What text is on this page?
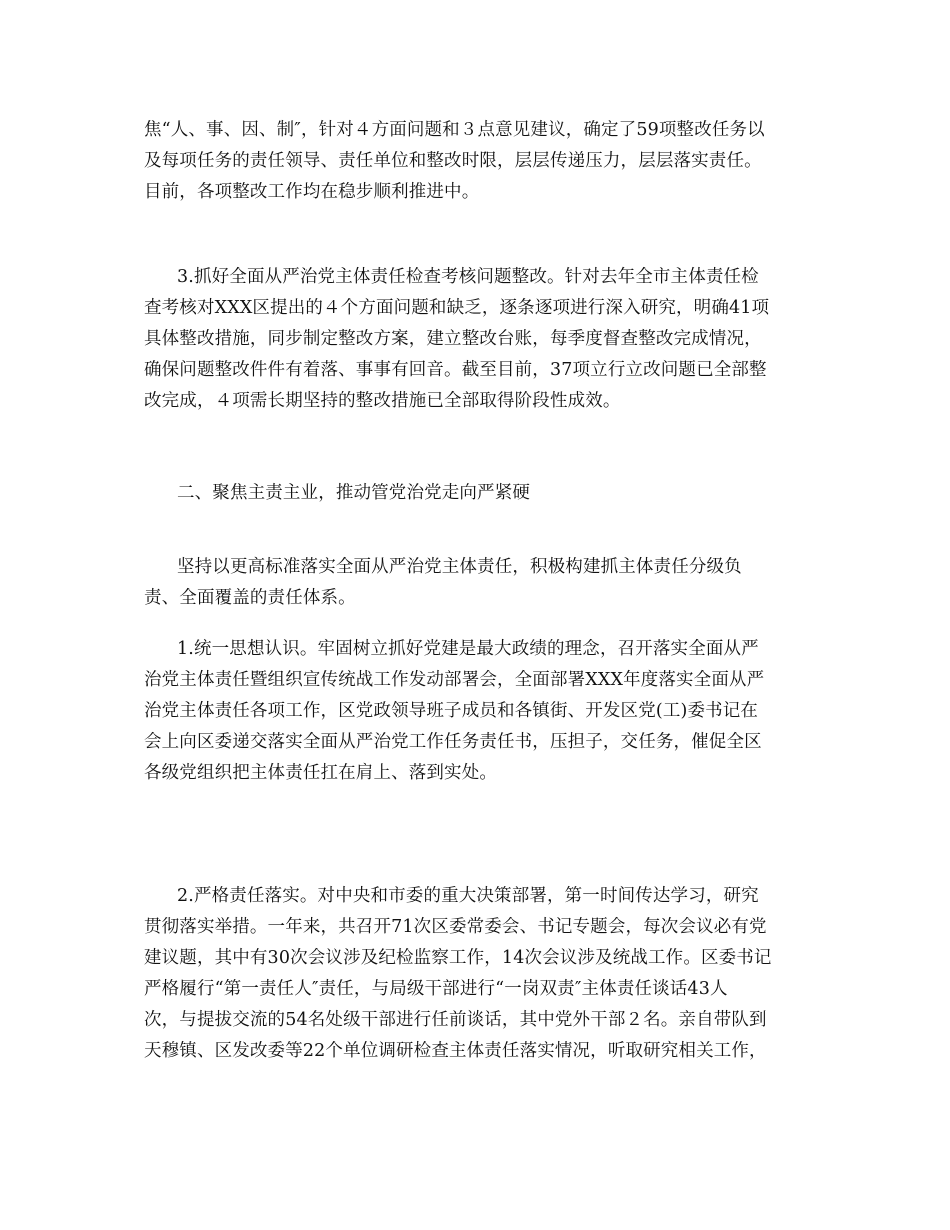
焦“人、事、因、制″，针对４方面问题和３点意见建议，确定了59项整改任务以
及每项任务的责任领导、责任单位和整改时限，层层传递压力，层层落实责任。
目前，各项整改工作均在稳步顺利推进中。
3.抓好全面从严治党主体责任检查考核问题整改。针对去年全市主体责任检
查考核对XXX区提出的４个方面问题和缺乏，逐条逐项进行深入研究，明确41项
具体整改措施，同步制定整改方案，建立整改台账，每季度督查整改完成情况，
确保问题整改件件有着落、事事有回音。截至目前，37项立行立改问题已全部整
改完成，４项需长期坚持的整改措施已全部取得阶段性成效。
二、聚焦主责主业，推动管党治党走向严紧硬
坚持以更高标准落实全面从严治党主体责任，积极构建抓主体责任分级负
责、全面覆盖的责任体系。
1.统一思想认识。牢固树立抓好党建是最大政绩的理念，召开落实全面从严
治党主体责任暨组织宣传统战工作发动部署会，全面部署XXX年度落实全面从严
治党主体责任各项工作，区党政领导班子成员和各镇街、开发区党(工)委书记在
会上向区委递交落实全面从严治党工作任务责任书，压担子，交任务，催促全区
各级党组织把主体责任扛在肩上、落到实处。
2.严格责任落实。对中央和市委的重大决策部署，第一时间传达学习，研究
贯彻落实举措。一年来，共召开71次区委常委会、书记专题会，每次会议必有党
建议题，其中有30次会议涉及纪检监察工作，14次会议涉及统战工作。区委书记
严格履行“第一责任人″责任，与局级干部进行“一岗双责″主体责任谈话43人
次，与提拔交流的54名处级干部进行任前谈话，其中党外干部２名。亲自带队到
天穆镇、区发改委等22个单位调研检查主体责任落实情况，听取研究相关工作，
